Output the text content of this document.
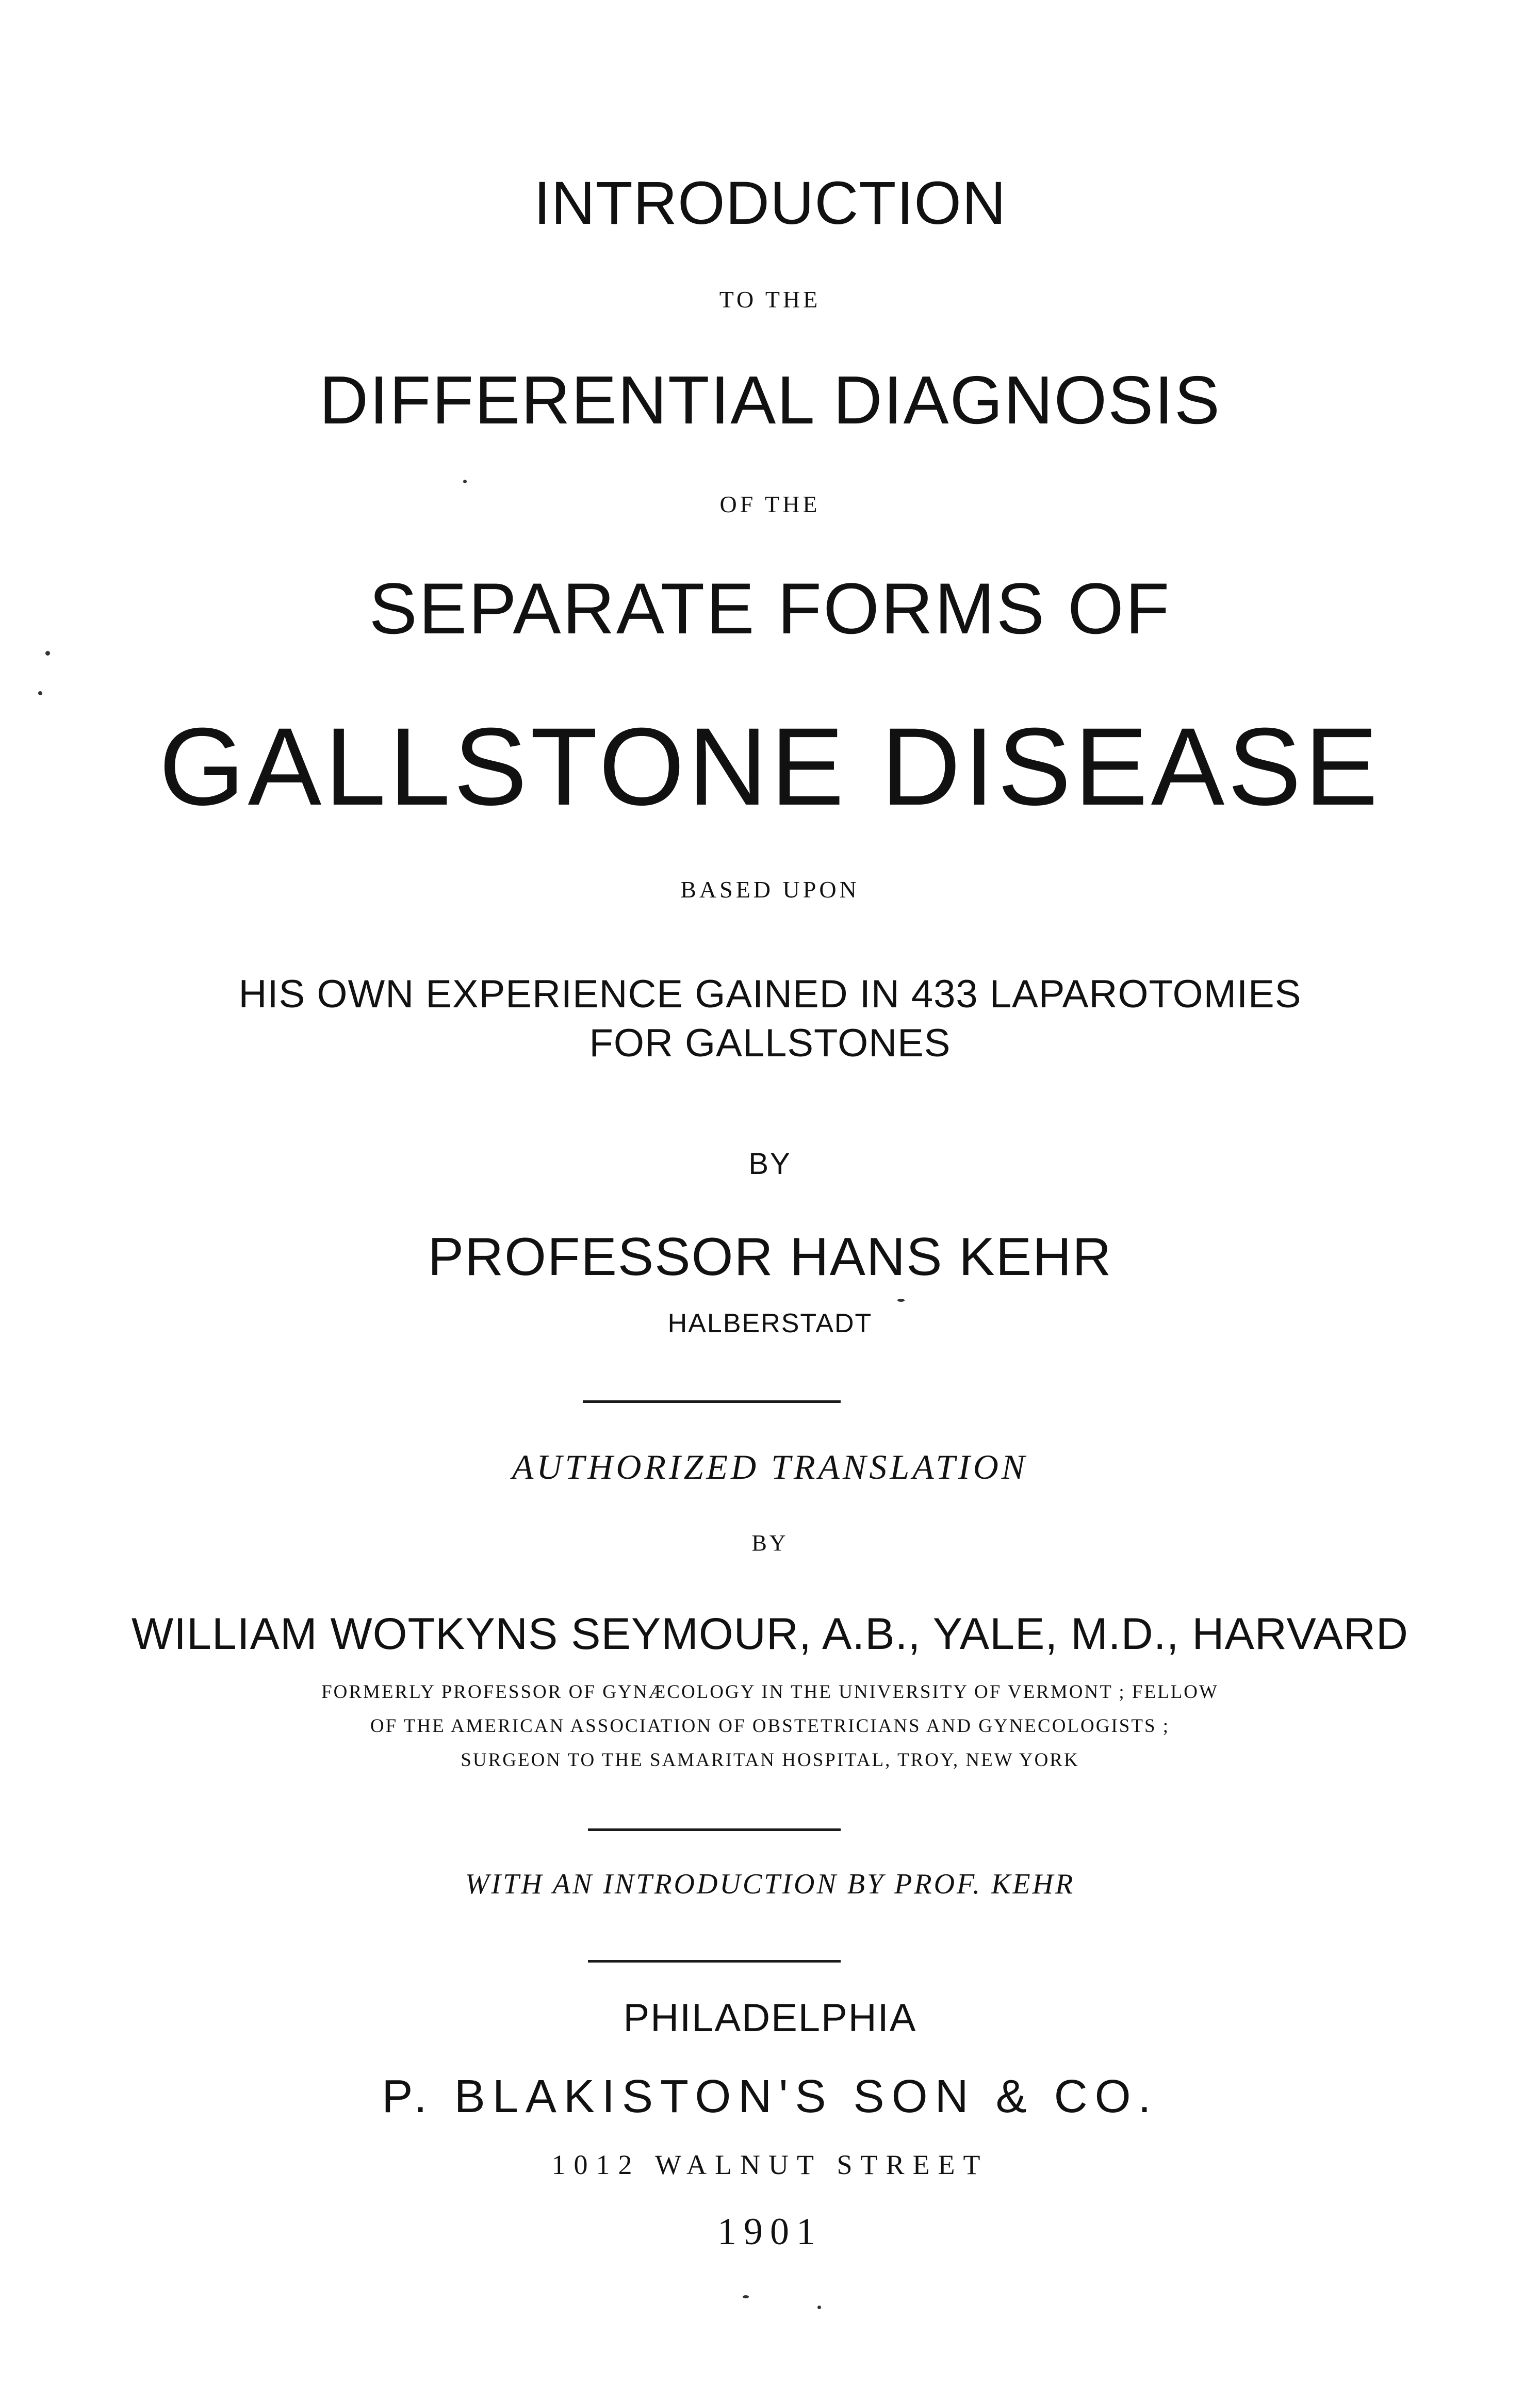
INTRODUCTION
TO THE
DIFFERENTIAL DIAGNOSIS
OF THE
SEPARATE FORMS OF
GALLSTONE DISEASE
BASED UPON
HIS OWN EXPERIENCE GAINED IN 433 LAPAROTOMIES
FOR GALLSTONES
BY
PROFESSOR HANS KEHR
HALBERSTADT
AUTHORIZED TRANSLATION
BY
WILLIAM WOTKYNS SEYMOUR, A.B., YALE, M.D., HARVARD
FORMERLY PROFESSOR OF GYNÆCOLOGY IN THE UNIVERSITY OF VERMONT ; FELLOW
OF THE AMERICAN ASSOCIATION OF OBSTETRICIANS AND GYNECOLOGISTS ;
SURGEON TO THE SAMARITAN HOSPITAL, TROY, NEW YORK
WITH AN INTRODUCTION BY PROF. KEHR
PHILADELPHIA
P. BLAKISTON'S SON & CO.
1012 WALNUT STREET
1901
